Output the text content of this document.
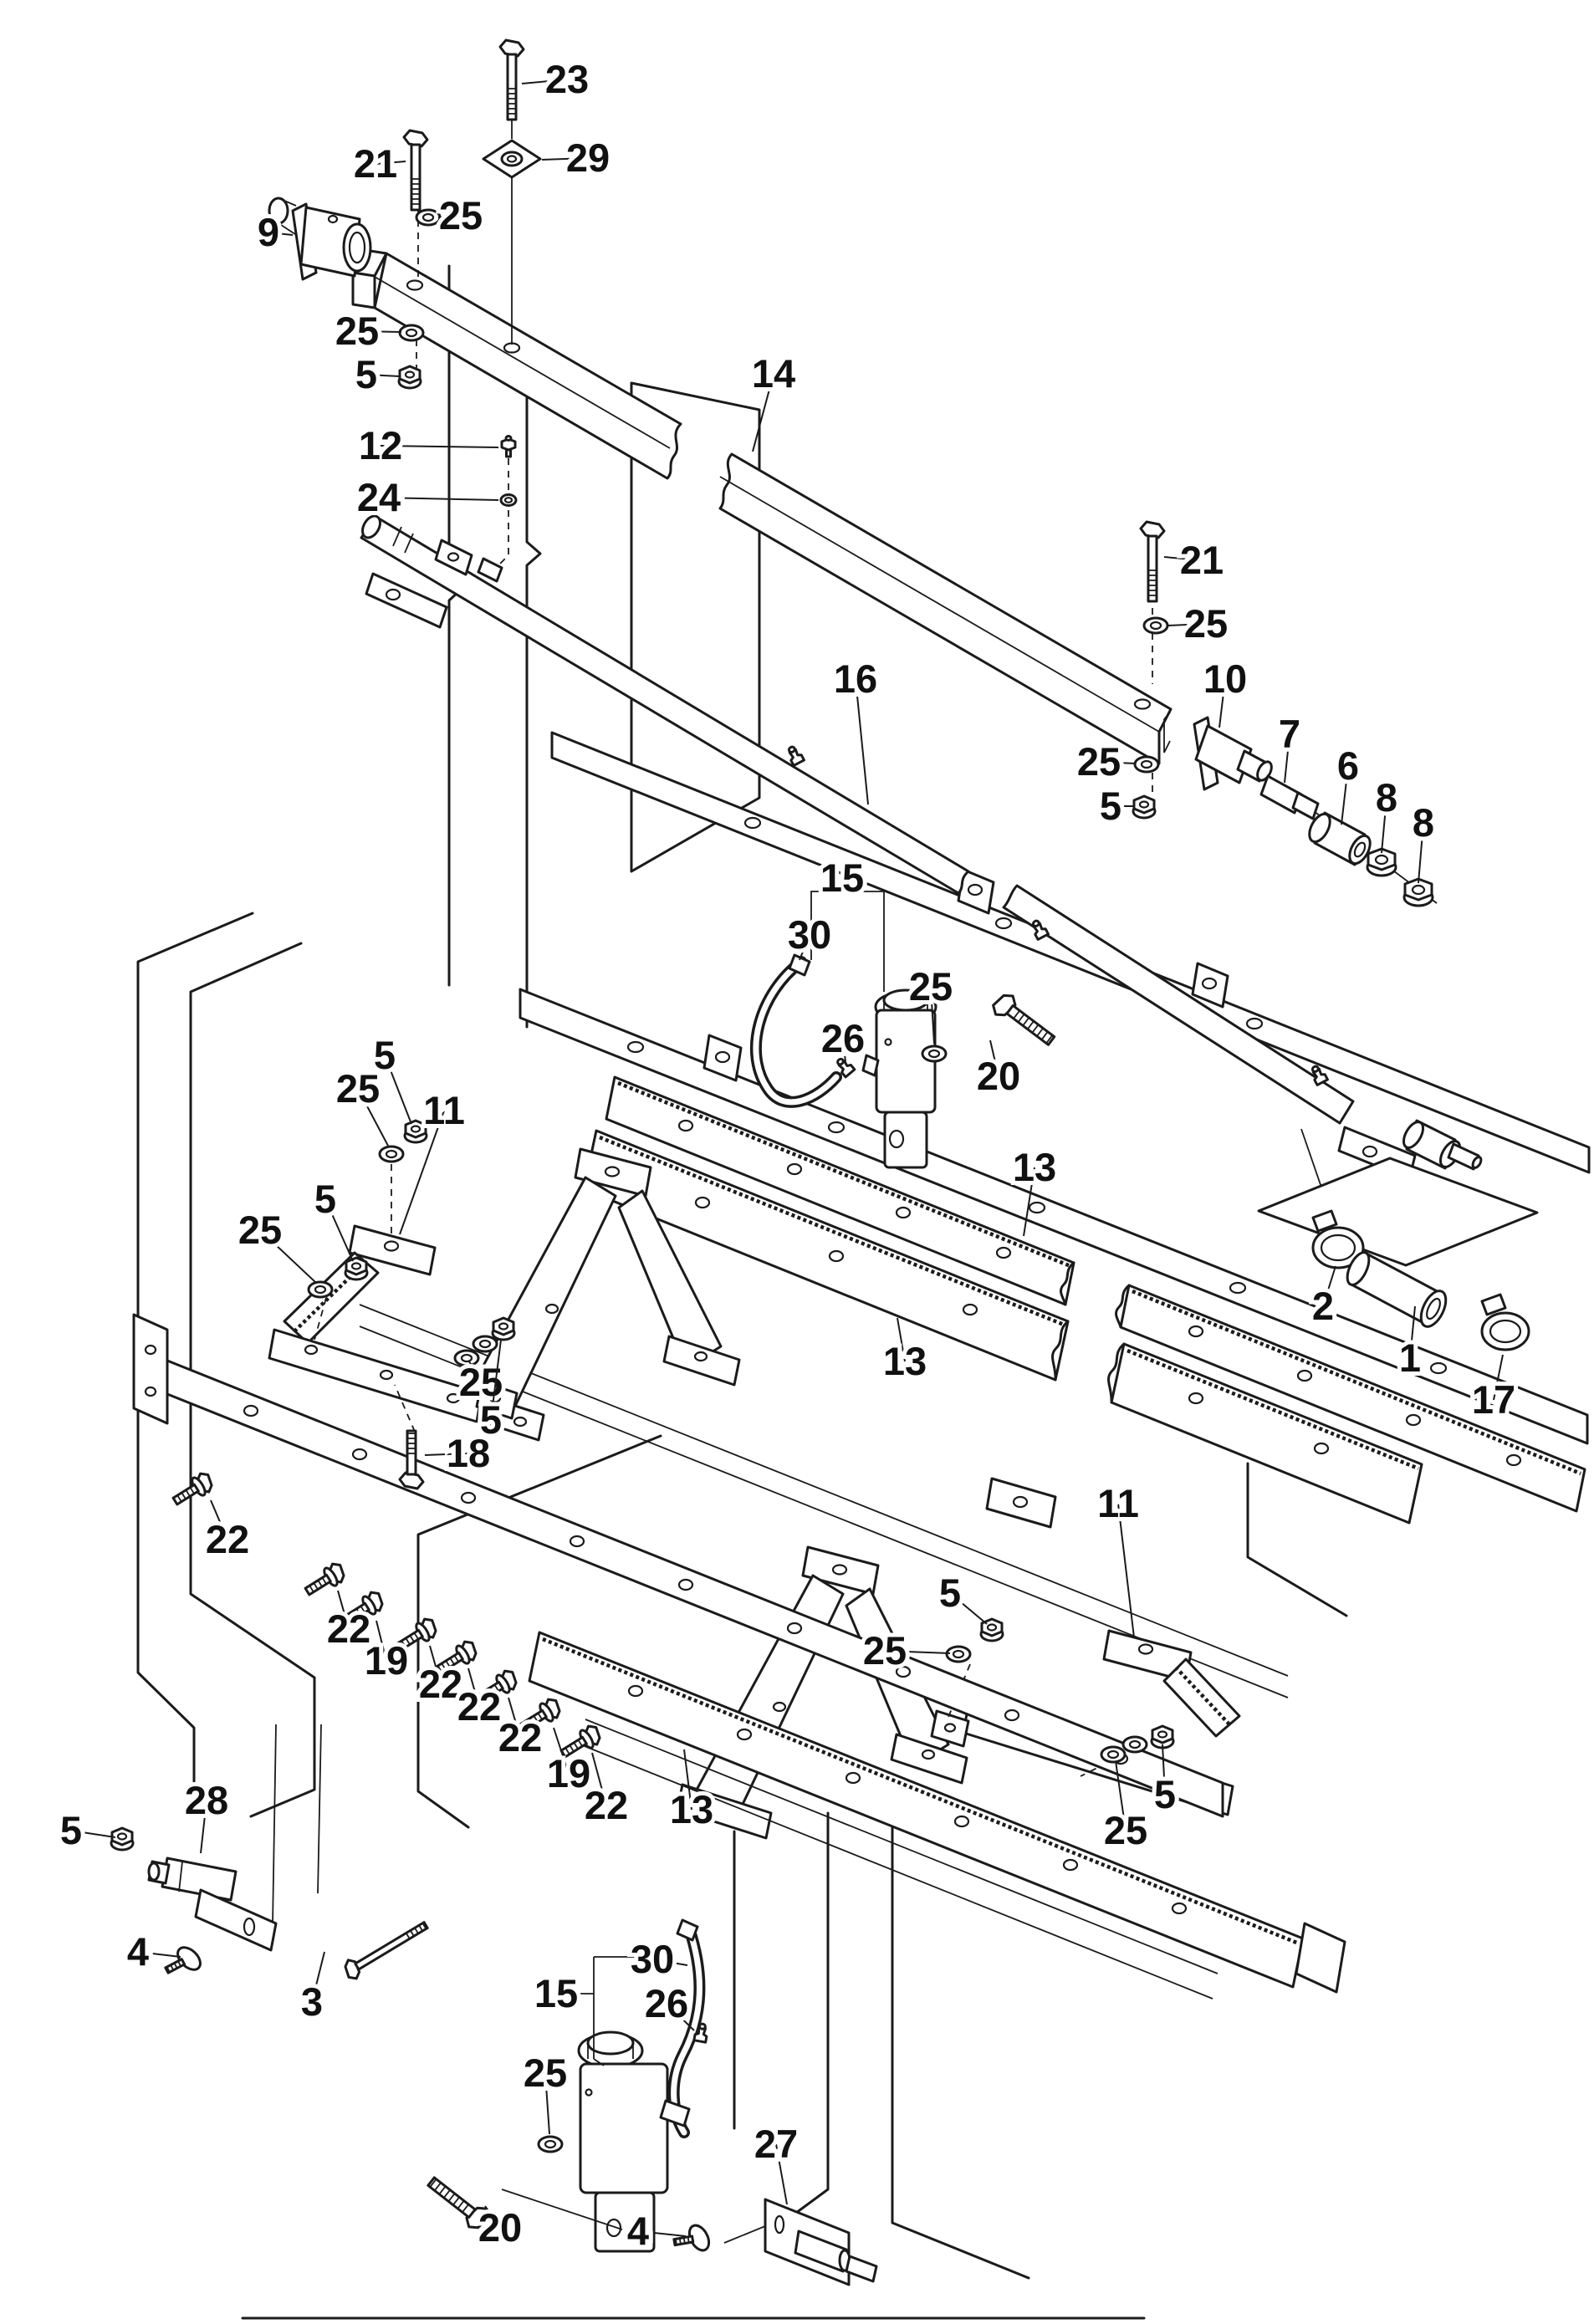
23
29
21
25
9
25
5
12
24
14
16
21
25
10
7
6
8
8
25
5
15
30
26
25
20
13
13
11
5
25
5
25
25
5
18
22
22
19
22
22
22
19
22 13
5
25
11
5
25
2
1
17
5
28
4
3
30
15 26
25
20
27
4
